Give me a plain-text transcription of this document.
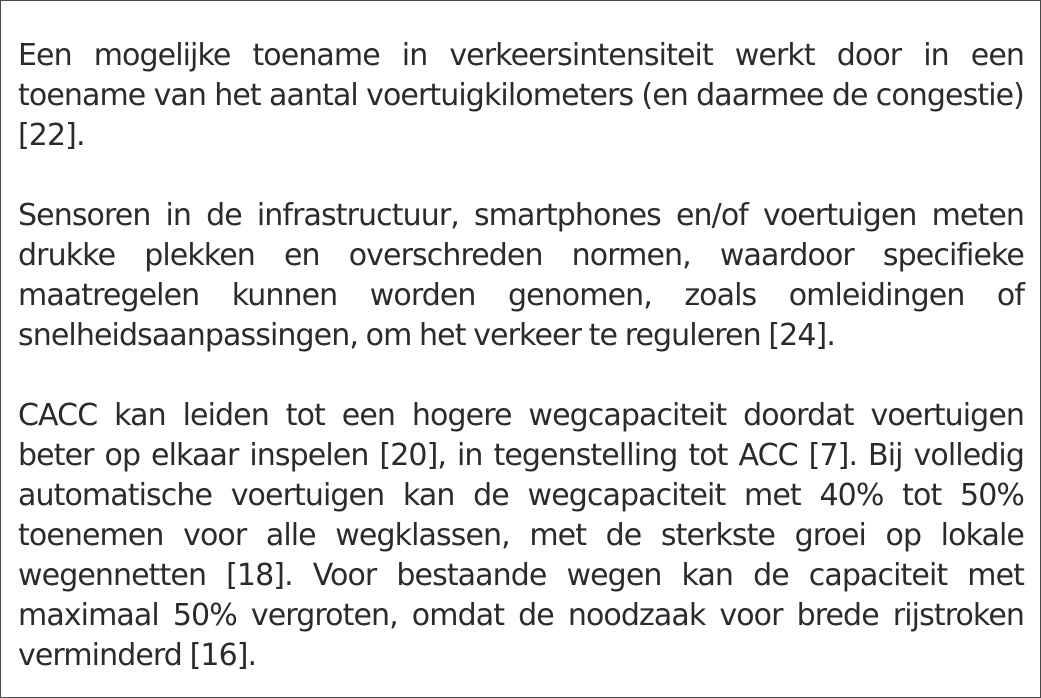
Een mogelijke toename in verkeersintensiteit werkt door in een toename van het aantal voertuigkilometers (en daarmee de congestie) [22].

Sensoren in de infrastructuur, smartphones en/of voertuigen meten drukke plekken en overschreden normen, waardoor specifieke maatregelen kunnen worden genomen, zoals omleidingen of snelheidsaanpassingen, om het verkeer te reguleren [24].

CACC kan leiden tot een hogere wegcapaciteit doordat voertuigen beter op elkaar inspelen [20], in tegenstelling tot ACC [7]. Bij volledig automatische voertuigen kan de wegcapaciteit met 40% tot 50% toenemen voor alle wegklassen, met de sterkste groei op lokale wegennetten [18]. Voor bestaande wegen kan de capaciteit met maximaal 50% vergroten, omdat de noodzaak voor brede rijstroken verminderd [16].
